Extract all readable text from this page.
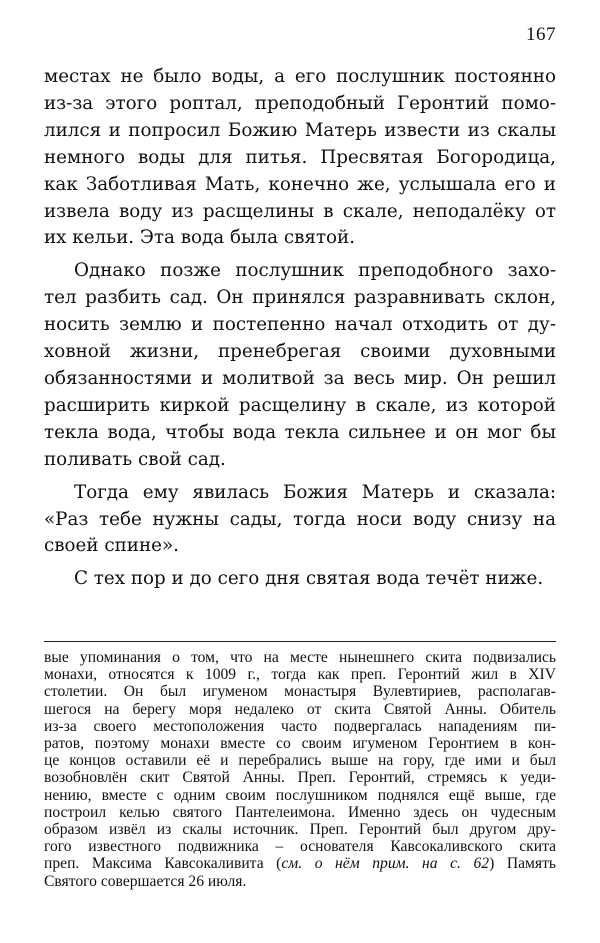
167

местах не было воды, а его послушник постоянно
из-за этого роптал, преподобный Геронтий помо-
лился и попросил Божию Матерь извести из скалы
немного воды для питья. Пресвятая Богородица,
как Заботливая Мать, конечно же, услышала его и
извела воду из расщелины в скале, неподалёку от
их кельи. Эта вода была святой.

Однако позже послушник преподобного захо-
тел разбить сад. Он принялся разравнивать склон,
носить землю и постепенно начал отходить от ду-
ховной жизни, пренебрегая своими духовными
обязанностями и молитвой за весь мир. Он решил
расширить киркой расщелину в скале, из которой
текла вода, чтобы вода текла сильнее и он мог бы
поливать свой сад.

Тогда ему явилась Божия Матерь и сказала:
«Раз тебе нужны сады, тогда носи воду снизу на
своей спине».

С тех пор и до сего дня святая вода течёт ниже.

вые упоминания о том, что на месте нынешнего скита подвизались
монахи, относятся к 1009 г., тогда как преп. Геронтий жил в XIV
столетии. Он был игуменом монастыря Вулевтириев, располагав-
шегося на берегу моря недалеко от скита Святой Анны. Обитель
из-за своего местоположения часто подвергалась нападениям пи-
ратов, поэтому монахи вместе со своим игуменом Геронтием в кон-
це концов оставили её и перебрались выше на гору, где ими и был
возобновлён скит Святой Анны. Преп. Геронтий, стремясь к уеди-
нению, вместе с одним своим послушником поднялся ещё выше, где
построил келью святого Пантелеимона. Именно здесь он чудесным
образом извёл из скалы источник. Преп. Геронтий был другом дру-
гого известного подвижника – основателя Кавсокаливского скита
преп. Максима Кавсокаливита (см. о нём прим. на с. 62) Память
Святого совершается 26 июля.
